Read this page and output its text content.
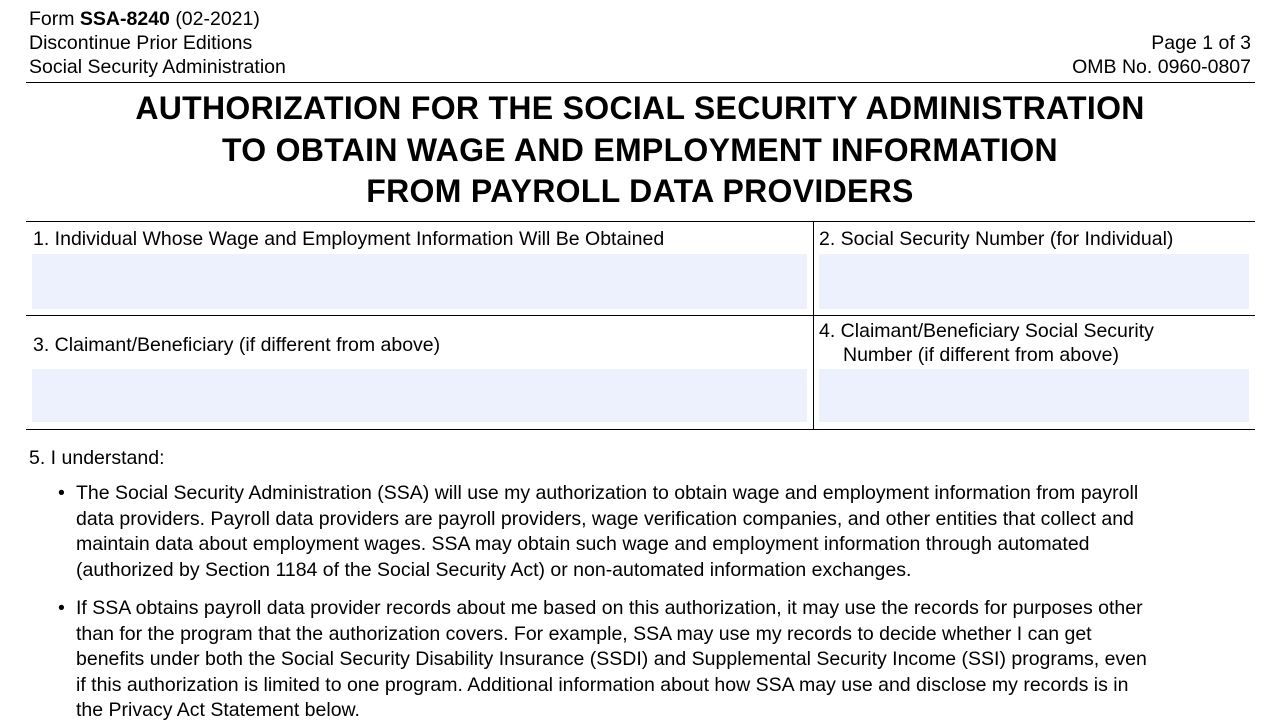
Form SSA-8240 (02-2021)
Discontinue Prior Editions
Social Security Administration
Page 1 of 3
OMB No. 0960-0807
AUTHORIZATION FOR THE SOCIAL SECURITY ADMINISTRATION
TO OBTAIN WAGE AND EMPLOYMENT INFORMATION
FROM PAYROLL DATA PROVIDERS
1. Individual Whose Wage and Employment Information Will Be Obtained	2. Social Security Number (for Individual)
3. Claimant/Beneficiary (if different from above)
4. Claimant/Beneficiary Social Security
Number (if different from above)
5. I understand:
• The Social Security Administration (SSA) will use my authorization to obtain wage and employment information from payroll
data providers. Payroll data providers are payroll providers, wage verification companies, and other entities that collect and
maintain data about employment wages. SSA may obtain such wage and employment information through automated
(authorized by Section 1184 of the Social Security Act) or non-automated information exchanges.
• If SSA obtains payroll data provider records about me based on this authorization, it may use the records for purposes other
than for the program that the authorization covers. For example, SSA may use my records to decide whether I can get
benefits under both the Social Security Disability Insurance (SSDI) and Supplemental Security Income (SSI) programs, even
if this authorization is limited to one program. Additional information about how SSA may use and disclose my records is in
the Privacy Act Statement below.
